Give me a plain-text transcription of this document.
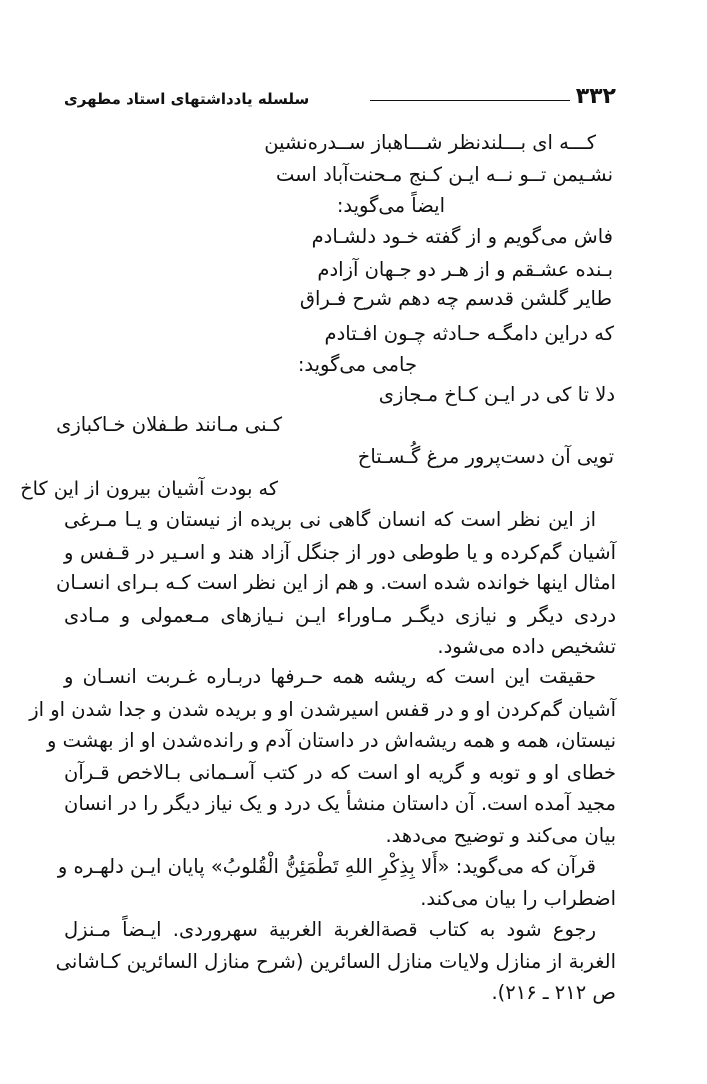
۳۳۲
سلسله یادداشتهای استاد مطهری
کـــه ای بـــلندنظر شـــاهباز ســدره‌نشین
نشـیمن تــو نــه ایـن کـنج مـحنت‌آباد است
ایضاً می‌گوید:
فاش می‌گویم و از گفته خـود دلشـادم
بـنده عشـقم و از هـر دو جـهان آزادم
طایر گلشن قدسم چه دهم شرح فـراق
که دراین دامگـه حـادثه چـون افـتادم
جامی می‌گوید:
دلا تا کی در ایـن کـاخ مـجازی
کـنی مـانند طـفلان خـاکبازی
تویی آن دست‌پرور مرغ گُـسـتاخ
که بودت آشیان بیرون از این کاخ
از این نظر است که انسان گاهی نی بریده از نیستان و یـا مـرغی
آشیان گم‌کرده و یا طوطی دور از جنگل آزاد هند و اسـیر در قـفس و
امثال اینها خوانده شده است. و هم از این نظر است کـه بـرای انسـان
دردی دیگر و نیازی دیگـر مـاوراء ایـن نـیازهای مـعمولی و مـادی
تشخیص داده می‌شود.
حقیقت این است که ریشه همه حـرفها دربـاره غـربت انسـان و
آشیان گم‌کردن او و در قفس اسیرشدن او و بریده شدن و جدا شدن او از
نیستان، همه و همه ریشه‌اش در داستان آدم و رانده‌شدن او از بهشت و
خطای او و توبه و گریه او است که در کتب آسـمانی بـالاخص قـرآن
مجید آمده است. آن داستان منشأ یک درد و یک نیاز دیگر را در انسان
بیان می‌کند و توضیح می‌دهد.
قرآن که می‌گوید: «أَلا بِذِكْرِ اللهِ تَطْمَئِنُّ الْقُلوبُ» پایان ایـن دلهـره و
اضطراب را بیان می‌کند.
رجوع شود به کتاب قصةالغربة الغربية سهروردی. ایـضاً مـنزل
الغربة از منازل ولایات منازل السائرین (شرح منازل السائرین کـاشانی
ص ۲۱۲ ـ ۲۱۶).
